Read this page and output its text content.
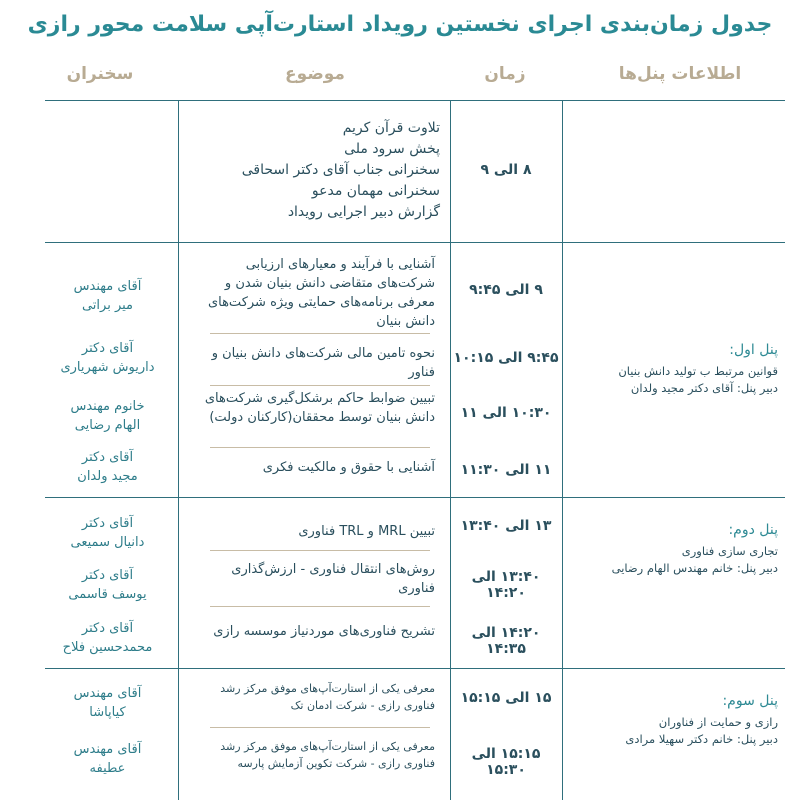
جدول زمان‌بندی اجرای نخستین رویداد استارت‌آپی سلامت محور رازی
اطلاعات پنل‌ها
زمان
موضوع
سخنران
۸ الی ۹
تلاوت قرآن کریم
پخش سرود ملی
سخنرانی جناب آقای دکتر اسحاقی
سخنرانی مهمان مدعو
گزارش دبیر اجرایی رویداد
پنل اول:
قوانین مرتبط ب تولید دانش بنیان
دبیر پنل: آقای دکتر مجید ولدان
۹ الی ۹:۴۵
آشنایی با فرآیند و معیارهای ارزیابی شرکت‌های متقاضی دانش بنیان شدن و معرفی برنامه‌های حمایتی ویژه شرکت‌های دانش بنیان
آقای مهندس
میر براتی
۹:۴۵ الی ۱۰:۱۵
نحوه تامین مالی شرکت‌های دانش بنیان و فناور
آقای دکتر
داریوش شهریاری
۱۰:۳۰ الی ۱۱
تبیین ضوابط حاکم برشکل‌گیری شرکت‌های دانش بنیان توسط محققان(کارکنان دولت)
خانوم مهندس
الهام رضایی
۱۱ الی ۱۱:۳۰
آشنایی با حقوق و مالکیت فکری
آقای دکتر
مجید ولدان
پنل دوم:
تجاری سازی فناوری
دبیر پنل: خانم مهندس الهام رضایی
۱۳ الی ۱۳:۴۰
تبیین MRL و TRL فناوری
آقای دکتر
دانیال سمیعی
۱۳:۴۰ الی ۱۴:۲۰
روش‌های انتقال فناوری - ارزش‌گذاری فناوری
آقای دکتر
یوسف قاسمی
۱۴:۲۰ الی ۱۴:۳۵
تشریح فناوری‌های موردنیاز موسسه رازی
آقای دکتر
محمدحسین فلاح
پنل سوم:
رازی و حمایت از فناوران
دبیر پنل: خانم دکتر سهیلا مرادی
۱۵ الی ۱۵:۱۵
معرفی یکی از استارت‌آپ‌های موفق مرکز رشد فناوری رازی - شرکت ادمان تک
آقای مهندس
کیاپاشا
۱۵:۱۵ الی ۱۵:۳۰
معرفی یکی از استارت‌آپ‌های موفق مرکز رشد فناوری رازی - شرکت تکوین آزمایش پارسه
آقای مهندس
عطیفه
